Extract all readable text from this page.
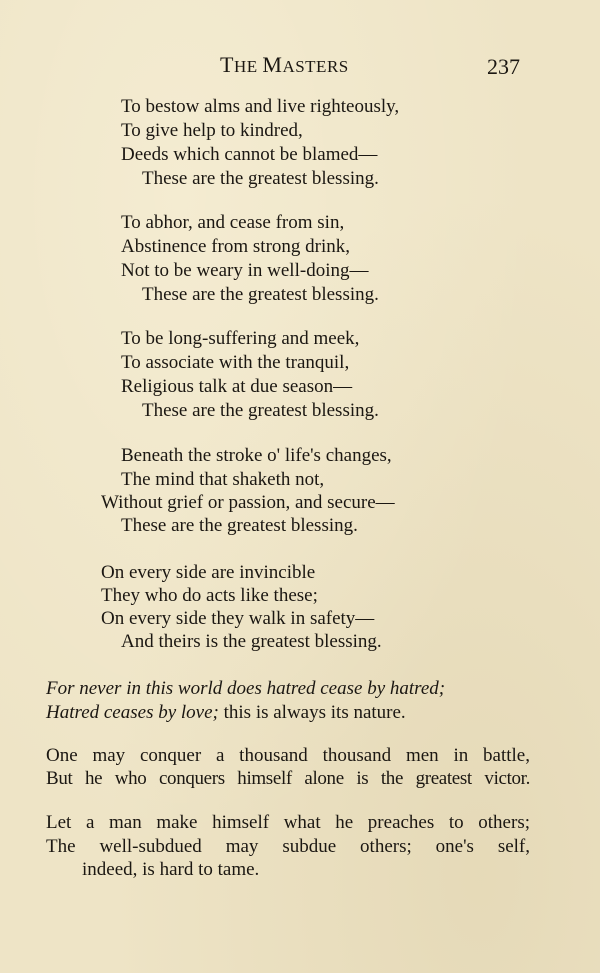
THE MASTERS	237
To bestow alms and live righteously,
To give help to kindred,
Deeds which cannot be blamed—
These are the greatest blessing.
To abhor, and cease from sin,
Abstinence from strong drink,
Not to be weary in well-doing—
These are the greatest blessing.
To be long-suffering and meek,
To associate with the tranquil,
Religious talk at due season—
These are the greatest blessing.
Beneath the stroke o' life's changes,
The mind that shaketh not,
Without grief or passion, and secure—
These are the greatest blessing.
On every side are invincible
They who do acts like these;
On every side they walk in safety—
And theirs is the greatest blessing.
For never in this world does hatred cease by hatred;
Hatred ceases by love; this is always its nature.
One may conquer a thousand thousand men in battle,
But he who conquers himself alone is the greatest victor.
Let a man make himself what he preaches to others;
The well-subdued may subdue others; one's self,
indeed, is hard to tame.
